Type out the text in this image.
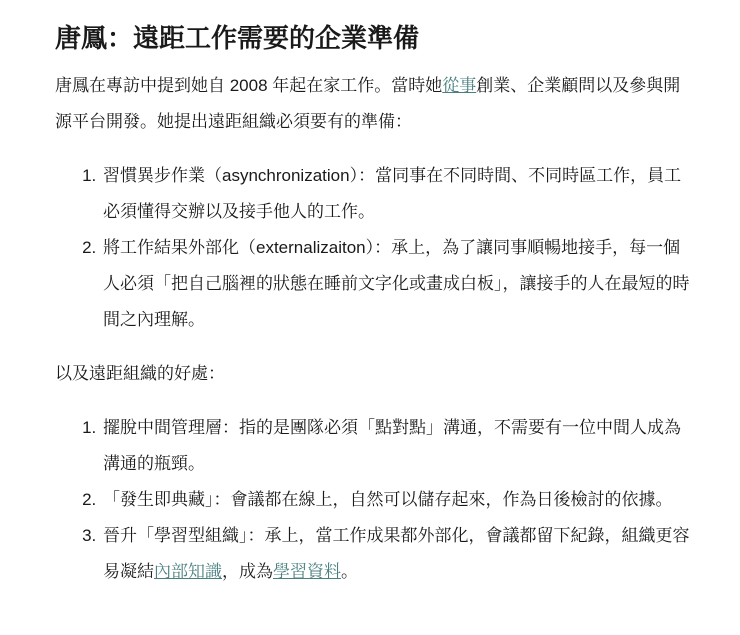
唐鳳：遠距工作需要的企業準備

唐鳳在專訪中提到她自 2008 年起在家工作。當時她從事創業、企業顧問以及參與開源平台開發。她提出遠距組織必須要有的準備：

1. 習慣異步作業（asynchronization）：當同事在不同時間、不同時區工作，員工必須懂得交辦以及接手他人的工作。
2. 將工作結果外部化（externalizaiton）：承上，為了讓同事順暢地接手，每一個人必須「把自己腦裡的狀態在睡前文字化或畫成白板」，讓接手的人在最短的時間之內理解。

以及遠距組織的好處：

1. 擺脫中間管理層：指的是團隊必須「點對點」溝通，不需要有一位中間人成為溝通的瓶頸。
2. 「發生即典藏」：會議都在線上，自然可以儲存起來，作為日後檢討的依據。
3. 晉升「學習型組織」：承上，當工作成果都外部化，會議都留下紀錄，組織更容易凝結內部知識，成為學習資料。
